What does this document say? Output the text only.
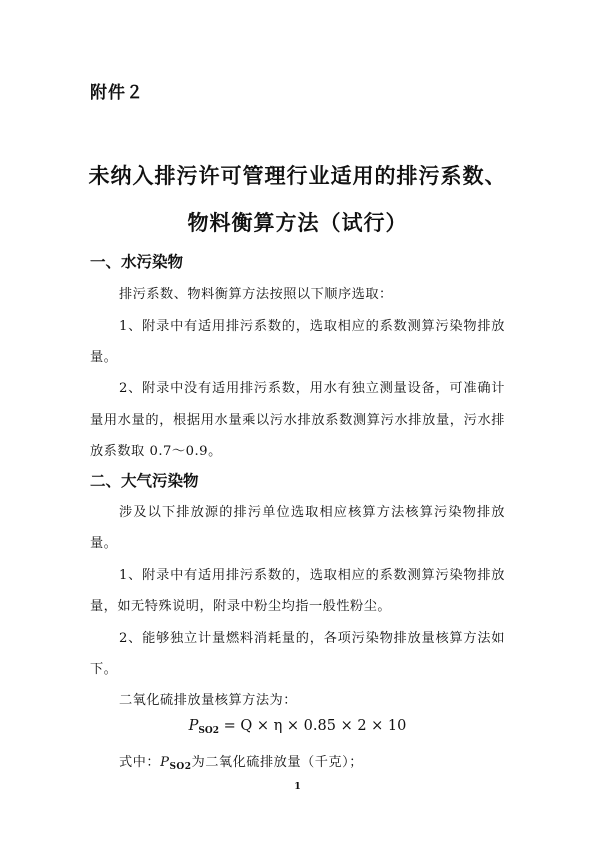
附件２
未纳入排污许可管理行业适用的排污系数、
物料衡算方法（试行）
一、水污染物
排污系数、物料衡算方法按照以下顺序选取：
1、附录中有适用排污系数的，选取相应的系数测算污染物排放
量。
2、附录中没有适用排污系数，用水有独立测量设备，可准确计
量用水量的，根据用水量乘以污水排放系数测算污水排放量，污水排
放系数取 0.7～0.9。
二、大气污染物
涉及以下排放源的排污单位选取相应核算方法核算污染物排放
量。
1、附录中有适用排污系数的，选取相应的系数测算污染物排放
量，如无特殊说明，附录中粉尘均指一般性粉尘。
2、能够独立计量燃料消耗量的，各项污染物排放量核算方法如
下。
二氧化硫排放量核算方法为：
$P_{SO2} = Q \times \eta \times 0.85 \times 2 \times 10$
式中：$P_{SO2}$为二氧化硫排放量（千克）；
1
